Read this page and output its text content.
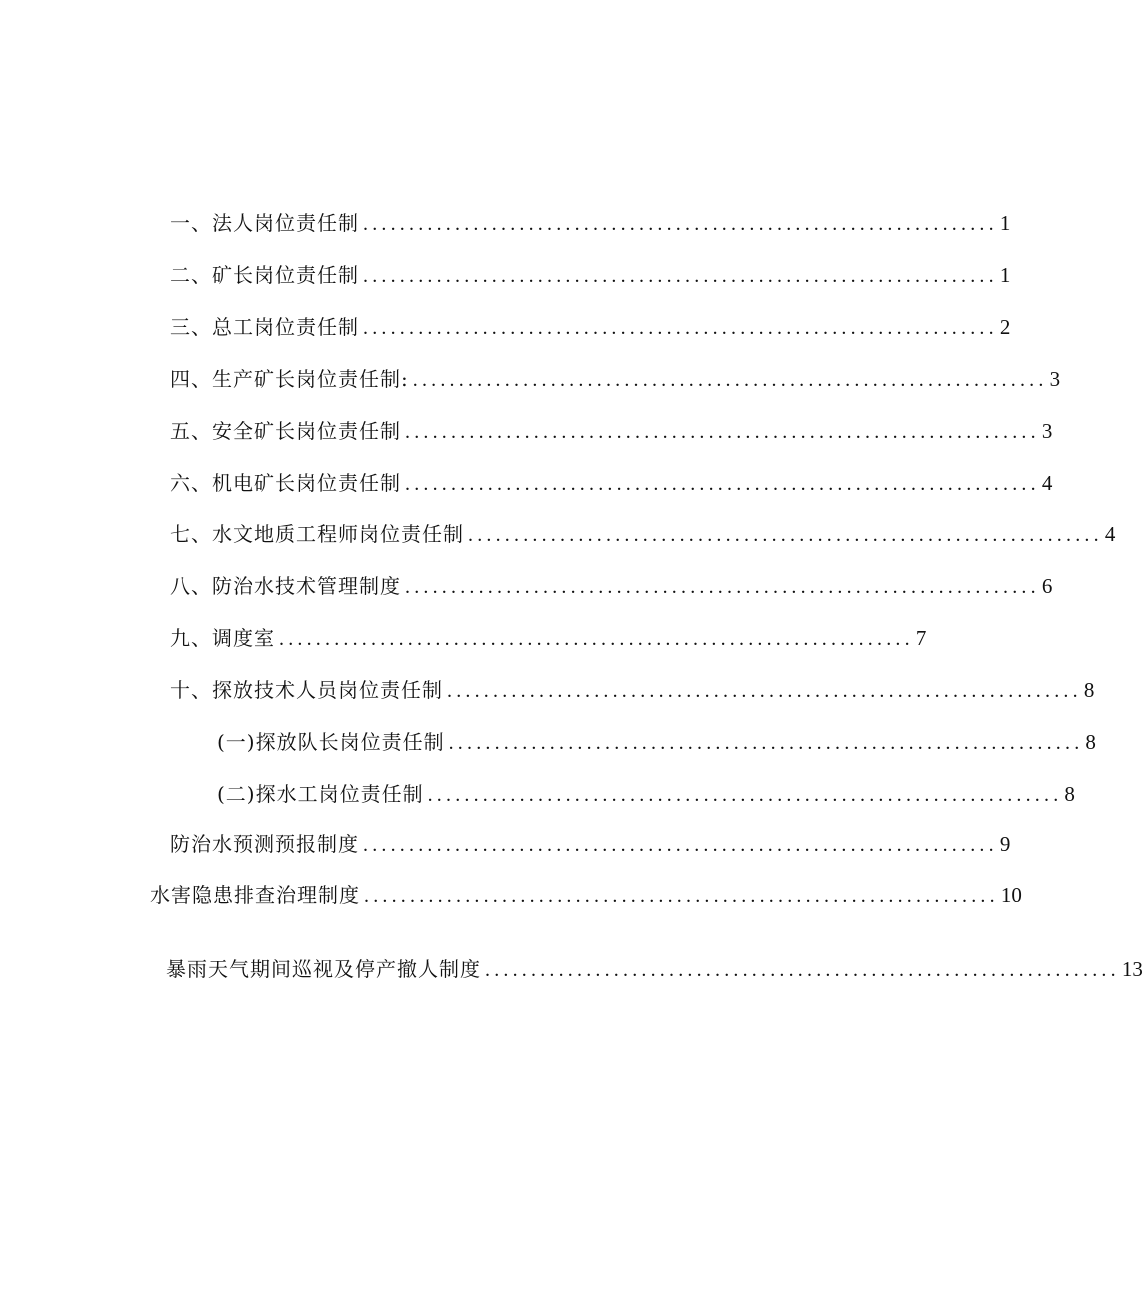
一、法人岗位责任制 ..................................................................... 1
二、矿长岗位责任制 ..................................................................... 1
三、总工岗位责任制 ..................................................................... 2
四、生产矿长岗位责任制: ..................................................................... 3
五、安全矿长岗位责任制 ..................................................................... 3
六、机电矿长岗位责任制 ..................................................................... 4
七、水文地质工程师岗位责任制 ..................................................................... 4
八、防治水技术管理制度 ..................................................................... 6
九、调度室 ..................................................................... 7
十、探放技术人员岗位责任制 ..................................................................... 8
(一)探放队长岗位责任制 ..................................................................... 8
(二)探水工岗位责任制 ..................................................................... 8
防治水预测预报制度 ..................................................................... 9
水害隐患排查治理制度 ..................................................................... 10
暴雨天气期间巡视及停产撤人制度 ..................................................................... 13
